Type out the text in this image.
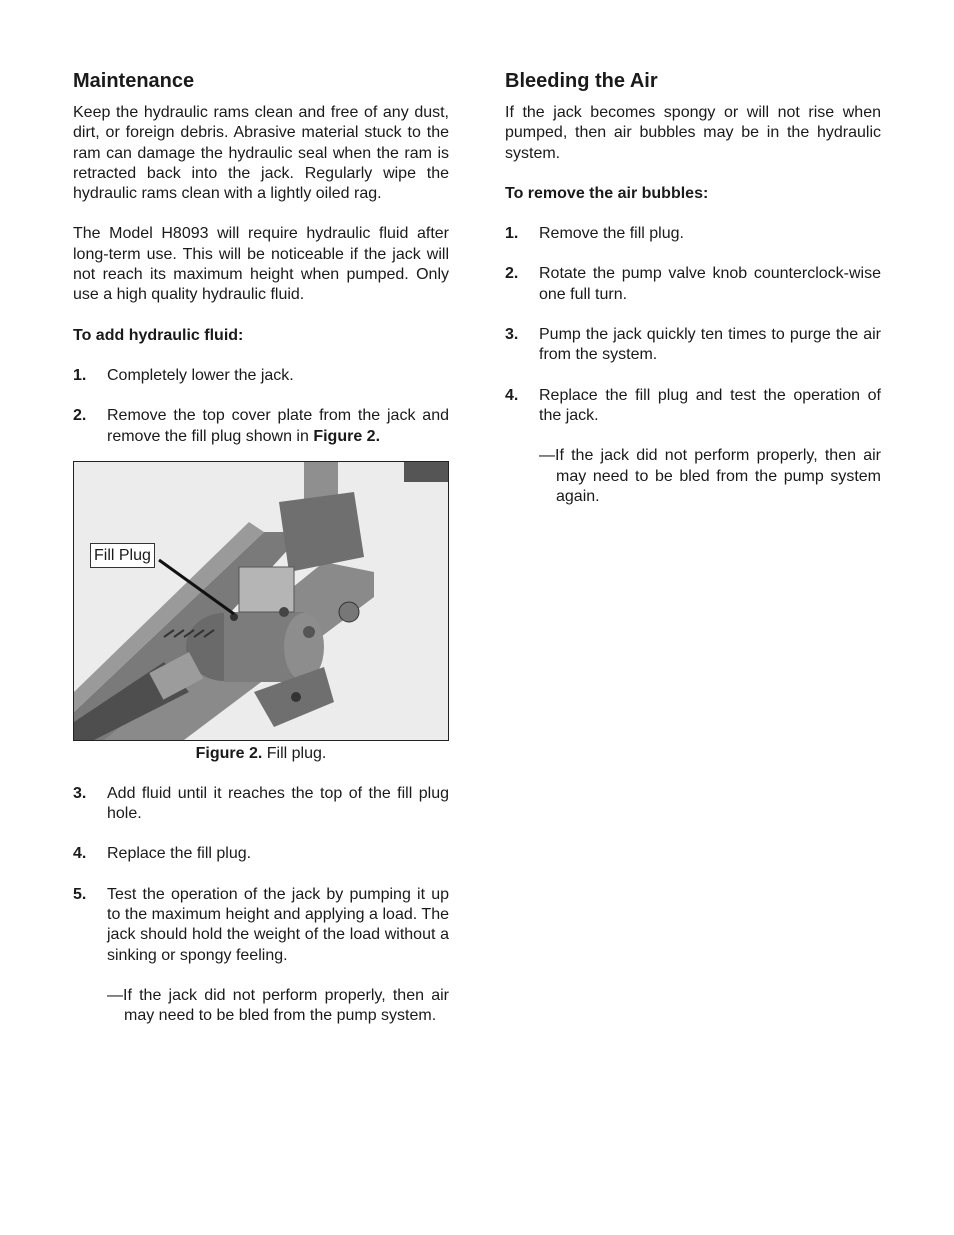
Maintenance

Keep the hydraulic rams clean and free of any dust, dirt, or foreign debris. Abrasive material stuck to the ram can damage the hydraulic seal when the ram is retracted back into the jack. Regularly wipe the hydraulic rams clean with a lightly oiled rag.

The Model H8093 will require hydraulic fluid after long-term use. This will be noticeable if the jack will not reach its maximum height when pumped. Only use a high quality hydraulic fluid.

To add hydraulic fluid:

1.	Completely lower the jack.
2.	Remove the top cover plate from the jack and remove the fill plug shown in Figure 2.
Fill Plug
Figure 2. Fill plug.
3.	Add fluid until it reaches the top of the fill plug hole.
4.	Replace the fill plug.
5.	Test the operation of the jack by pumping it up to the maximum height and applying a load. The jack should hold the weight of the load without a sinking or spongy feeling.
—If the jack did not perform properly, then air may need to be bled from the pump system.
Bleeding the Air

If the jack becomes spongy or will not rise when pumped, then air bubbles may be in the hydraulic system.

To remove the air bubbles:

1.	Remove the fill plug.
2.	Rotate the pump valve knob counterclock-wise one full turn.
3.	Pump the jack quickly ten times to purge the air from the system.
4.	Replace the fill plug and test the operation of the jack.
—If the jack did not perform properly, then air may need to be bled from the pump system again.
